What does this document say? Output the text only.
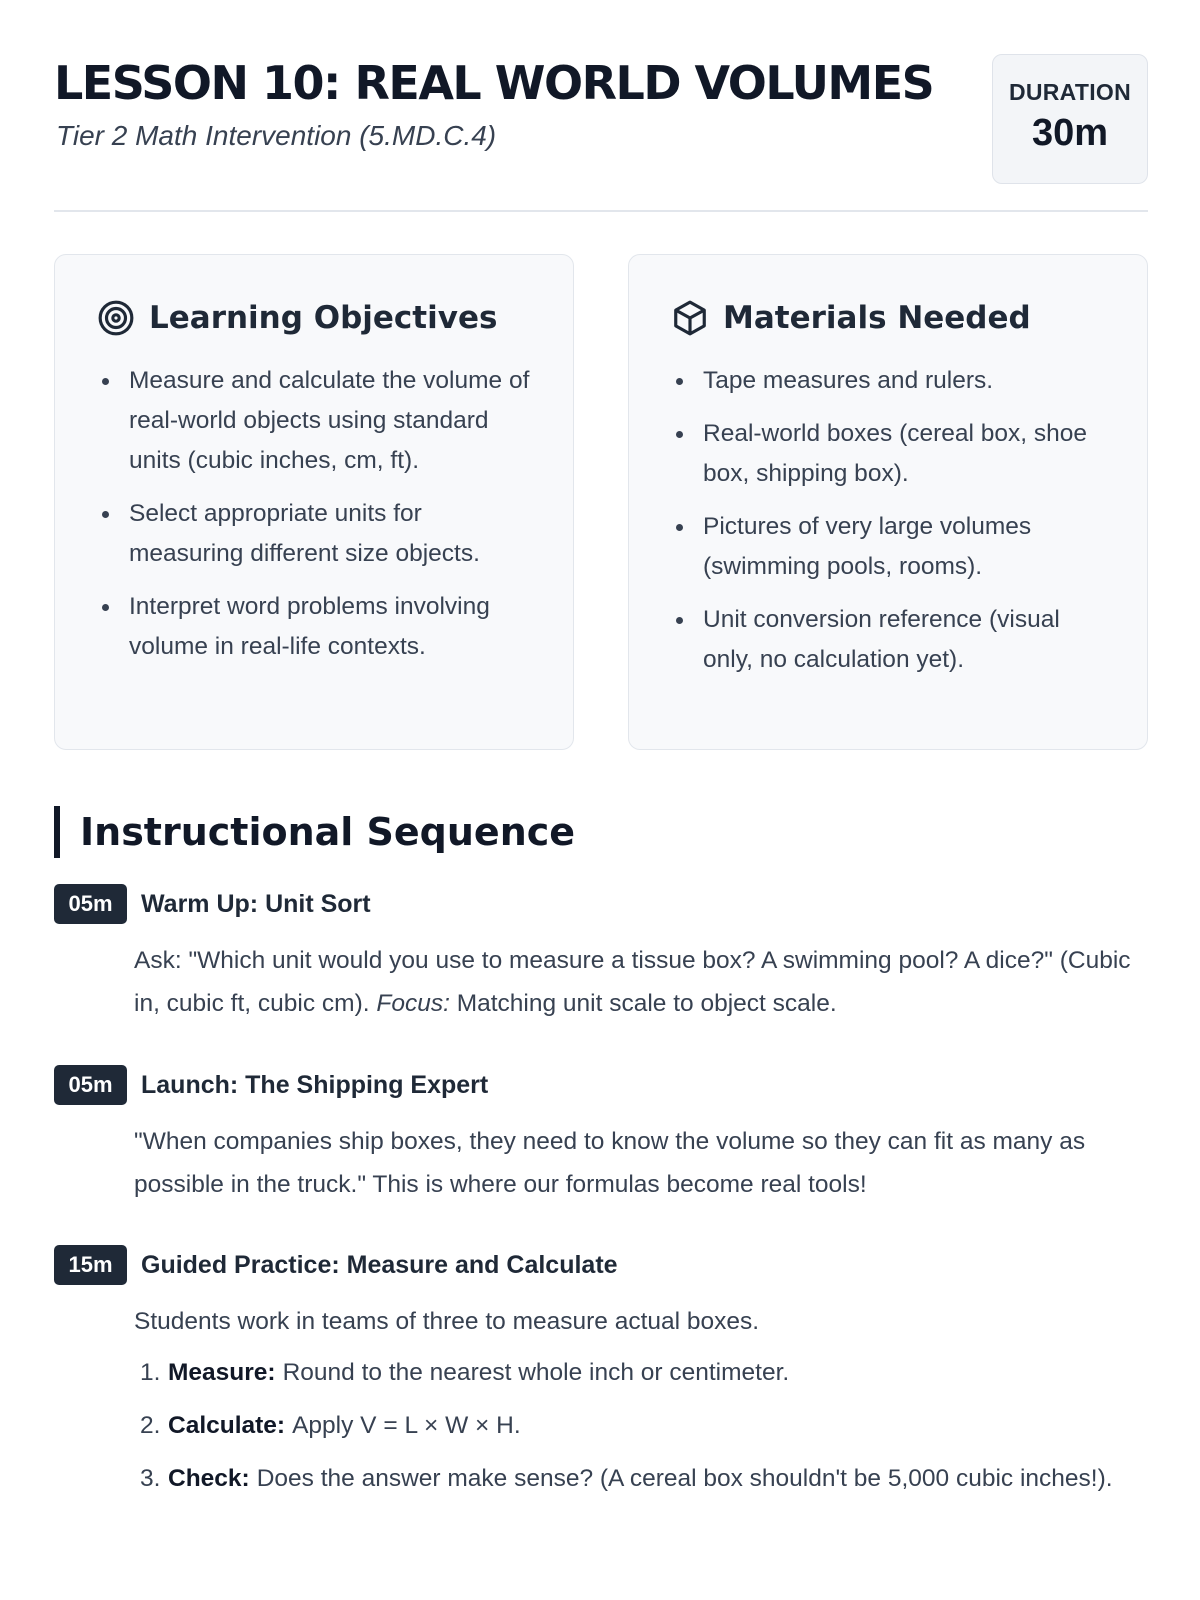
LESSON 10: REAL WORLD VOLUMES
Tier 2 Math Intervention (5.MD.C.4)
DURATION
30m
Learning Objectives
Measure and calculate the volume of real-world objects using standard units (cubic inches, cm, ft).
Select appropriate units for measuring different size objects.
Interpret word problems involving volume in real-life contexts.
Materials Needed
Tape measures and rulers.
Real-world boxes (cereal box, shoe box, shipping box).
Pictures of very large volumes (swimming pools, rooms).
Unit conversion reference (visual only, no calculation yet).
Instructional Sequence
05m	Warm Up: Unit Sort

Ask: "Which unit would you use to measure a tissue box? A swimming pool? A dice?" (Cubic in, cubic ft, cubic cm). Focus: Matching unit scale to object scale.

05m	Launch: The Shipping Expert

"When companies ship boxes, they need to know the volume so they can fit as many as possible in the truck." This is where our formulas become real tools!

15m	Guided Practice: Measure and Calculate

Students work in teams of three to measure actual boxes.

1. Measure: Round to the nearest whole inch or centimeter.
2. Calculate: Apply V = L × W × H.
3. Check: Does the answer make sense? (A cereal box shouldn't be 5,000 cubic inches!).
